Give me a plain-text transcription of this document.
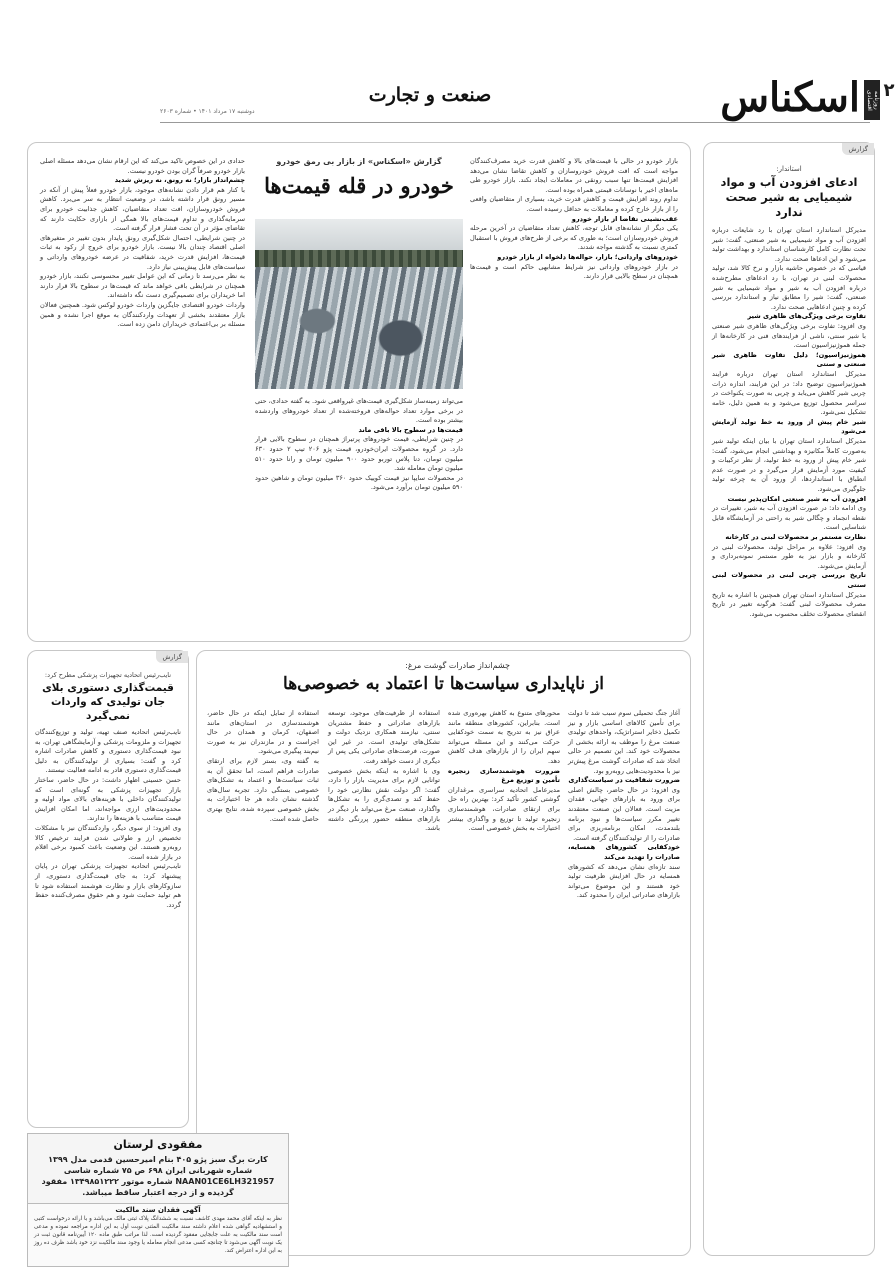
۲
روزنامه اقتصادی
اسکناس
صنعت و تجارت
دوشنبه ۱۷ مرداد ۱۴۰۱ • شماره ۲۶۰۳
گزارش
استاندار:
ادعای افزودن آب و مواد شیمیایی به شیر صحت ندارد

مدیرکل استاندارد استان تهران با رد شایعات درباره افزودن آب و مواد شیمیایی به شیر صنعتی، گفت: شیر تحت نظارت کامل کارشناسان استاندارد و بهداشت تولید می‌شود و این ادعاها صحت ندارد.

قیاسی که در خصوص حاشیه بازار و نرخ کالا شد، تولید محصولات لبنی در تهران، با رد ادعاهای مطرح‌شده درباره افزودن آب به شیر و مواد شیمیایی به شیر صنعتی، گفت: شیر را مطابق نیاز و استاندارد بررسی کرده و چنین ادعاهایی صحت ندارد.

تفاوت برخی ویژگی‌های ظاهری شیر

وی افزود: تفاوت برخی ویژگی‌های ظاهری شیر صنعتی با شیر سنتی، ناشی از فرایندهای فنی در کارخانه‌ها از جمله هموژنیزاسیون است.

هموژنیزاسیون؛ دلیل تفاوت ظاهری شیر صنعتی و سنتی

مدیرکل استاندارد استان تهران درباره فرایند هموژنیزاسیون توضیح داد: در این فرایند، اندازه ذرات چربی شیر کاهش می‌یابد و چربی به صورت یکنواخت در سراسر محصول توزیع می‌شود و به همین دلیل، خامه تشکیل نمی‌شود.

شیر خام پیش از ورود به خط تولید آزمایش می‌شود

مدیرکل استاندارد استان تهران با بیان اینکه تولید شیر به‌صورت کاملاً مکانیزه و بهداشتی انجام می‌شود، گفت: شیر خام پیش از ورود به خط تولید، از نظر ترکیبات و کیفیت مورد آزمایش قرار می‌گیرد و در صورت عدم انطباق با استانداردها، از ورود آن به چرخه تولید جلوگیری می‌شود.

افزودن آب به شیر صنعتی امکان‌پذیر نیست

وی ادامه داد: در صورت افزودن آب به شیر، تغییرات در نقطه انجماد و چگالی شیر به راحتی در آزمایشگاه قابل شناسایی است.

نظارت مستمر بر محصولات لبنی در کارخانه

وی افزود: علاوه بر مراحل تولید، محصولات لبنی در کارخانه و بازار نیز به طور مستمر نمونه‌برداری و آزمایش می‌شوند.

تاریخ بررسی چربی لبنی در محصولات لبنی سنتی

مدیرکل استاندارد استان تهران همچنین با اشاره به تاریخ مصرف محصولات لبنی گفت: هرگونه تغییر در تاریخ انقضای محصولات تخلف محسوب می‌شود.

بازار خودرو در حالی با قیمت‌های بالا و کاهش قدرت خرید مصرف‌کنندگان مواجه است که افت فروش خودروسازان و کاهش تقاضا نشان می‌دهد افزایش قیمت‌ها تنها سبب رونقی در معاملات ایجاد نکند. بازار خودرو طی ماه‌های اخیر با نوسانات قیمتی همراه بوده است.

تداوم روند افزایش قیمت و کاهش قدرت خرید، بسیاری از متقاضیان واقعی را از بازار خارج کرده و معاملات به حداقل رسیده است.

عقب‌نشینی تقاضا از بازار خودرو

یکی دیگر از نشانه‌های قابل توجه، کاهش تعداد متقاضیان در آخرین مرحله فروش خودروسازان است؛ به طوری که برخی از طرح‌های فروش با استقبال کمتری نسبت به گذشته مواجه شدند.

خودروهای وارداتی؛ بازار، حواله‌ها دلخواه از بازار خودرو

در بازار خودروهای وارداتی نیز شرایط مشابهی حاکم است و قیمت‌ها همچنان در سطح بالایی قرار دارند.

گزارش «اسکناس» از بازار بی رمق خودرو
خودرو در قله قیمت‌ها

می‌تواند زمینه‌ساز شکل‌گیری قیمت‌های غیرواقعی شود. به گفته حدادی، حتی در برخی موارد تعداد حواله‌های فروخته‌شده از تعداد خودروهای واردشده بیشتر بوده است.

قیمت‌ها در سطوح بالا باقی ماند

در چنین شرایطی، قیمت خودروهای پرتیراژ همچنان در سطوح بالایی قرار دارد. در گروه محصولات ایران‌خودرو، قیمت پژو ۲۰۶ تیپ ۲ حدود ۶۳۰ میلیون تومان، دنا پلاس توربو حدود ۹۰۰ میلیون تومان و رانا حدود ۵۱۰ میلیون تومان معامله شد.

در محصولات سایپا نیز قیمت کوییک حدود ۳۶۰ میلیون تومان و شاهین حدود ۵۹۰ میلیون تومان برآورد می‌شود.

حدادی در این خصوص تاکید می‌کند که این ارقام نشان می‌دهد مسئله اصلی بازار خودرو صرفاً گران بودن خودرو نیست.

چشم‌انداز بازار؛ نه رونق، نه ریزش شدید

با کنار هم قرار دادن نشانه‌های موجود، بازار خودرو فعلاً پیش از آنکه در مسیر رونق قرار داشته باشد، در وضعیت انتظار به سر می‌برد. کاهش فروش خودروسازان، افت تعداد متقاضیان، کاهش جذابیت خودرو برای سرمایه‌گذاری و تداوم قیمت‌های بالا همگی از بازاری حکایت دارند که تقاضای مؤثر در آن تحت فشار قرار گرفته است.

در چنین شرایطی، احتمال شکل‌گیری رونق پایدار بدون تغییر در متغیرهای اصلی اقتصاد چندان بالا نیست. بازار خودرو برای خروج از رکود به ثبات قیمت‌ها، افزایش قدرت خرید، شفافیت در عرضه خودروهای وارداتی و سیاست‌های قابل پیش‌بینی نیاز دارد.

به نظر می‌رسد تا زمانی که این عوامل تغییر محسوسی نکنند، بازار خودرو همچنان در شرایطی باقی خواهد ماند که قیمت‌ها در سطوح بالا قرار دارند اما خریداران برای تصمیم‌گیری دست نگه داشته‌اند.

واردات خودرو اقتصادی جایگزین واردات خودرو لوکس شود. همچنین فعالان بازار معتقدند بخشی از تعهدات واردکنندگان به موقع اجرا نشده و همین مسئله بر بی‌اعتمادی خریداران دامن زده است.

چشم‌انداز صادرات گوشت مرغ:
از ناپایداری سیاست‌ها تا اعتماد به خصوصی‌ها

آغاز جنگ تحمیلی سوم سبب شد تا دولت برای تأمین کالاهای اساسی بازار و نیز تکمیل ذخایر استراتژیک، واحدهای تولیدی صنعت مرغ را موظف به ارائه بخشی از محصولات خود کند. این تصمیم در حالی اتخاذ شد که صادرات گوشت مرغ پیش‌تر نیز با محدودیت‌هایی روبه‌رو بود.

ضرورت شفافیت در سیاست‌گذاری

وی افزود: در حال حاضر، چالش اصلی برای ورود به بازارهای جهانی، فقدان مزیت است. فعالان این صنعت معتقدند تغییر مکرر سیاست‌ها و نبود برنامه بلندمدت، امکان برنامه‌ریزی برای صادرات را از تولیدکنندگان گرفته است.

خودکفایی کشورهای همسایه، صادرات را تهدید می‌کند

سند تازه‌ای نشان می‌دهد که کشورهای همسایه در حال افزایش ظرفیت تولید خود هستند و این موضوع می‌تواند بازارهای صادراتی ایران را محدود کند.

محورهای متنوع به کاهش بهره‌وری شده است. بنابراین، کشورهای منطقه مانند عراق نیز به تدریج به سمت خودکفایی حرکت می‌کنند و این مسئله می‌تواند سهم ایران را از بازارهای هدف کاهش دهد.

ضرورت هوشمندسازی زنجیره تأمین و توزیع مرغ

مدیرعامل اتحادیه سراسری مرغداران گوشتی کشور تأکید کرد: بهترین راه حل برای ارتقای صادرات، هوشمندسازی زنجیره تولید تا توزیع و واگذاری بیشتر اختیارات به بخش خصوصی است.

استفاده از ظرفیت‌های موجود، توسعه بازارهای صادراتی و حفظ مشتریان سنتی، نیازمند همکاری نزدیک دولت و تشکل‌های تولیدی است. در غیر این صورت، فرصت‌های صادراتی یکی پس از دیگری از دست خواهد رفت.

وی با اشاره به اینکه بخش خصوصی توانایی لازم برای مدیریت بازار را دارد، گفت: اگر دولت نقش نظارتی خود را حفظ کند و تصدی‌گری را به تشکل‌ها واگذارد، صنعت مرغ می‌تواند بار دیگر در بازارهای منطقه حضور پررنگی داشته باشد.

استفاده از تمایل اینکه در حال حاضر، هوشمندسازی در استان‌های مانند اصفهان، کرمان و همدان در حال اجراست و در مازندران نیز به صورت نیم‌بند پیگیری می‌شود.

به گفته وی، بستر لازم برای ارتقای صادرات فراهم است، اما تحقق آن به ثبات سیاست‌ها و اعتماد به تشکل‌های خصوصی بستگی دارد. تجربه سال‌های گذشته نشان داده هر جا اختیارات به بخش خصوصی سپرده شده، نتایج بهتری حاصل شده است.

گزارش
نایب‌رئیس اتحادیه تجهیزات پزشکی مطرح کرد:
قیمت‌گذاری دستوری بلای جان تولیدی که واردات نمی‌گیرد

نایب‌رئیس اتحادیه صنف تهیه، تولید و توزیع‌کنندگان تجهیزات و ملزومات پزشکی و آزمایشگاهی تهران، به نبود قیمت‌گذاری دستوری و کاهش صادرات اشاره کرد و گفت: بسیاری از تولیدکنندگان به دلیل قیمت‌گذاری دستوری قادر به ادامه فعالیت نیستند.

حسن حسینی اظهار داشت: در حال حاضر، ساختار بازار تجهیزات پزشکی به گونه‌ای است که تولیدکنندگان داخلی با هزینه‌های بالای مواد اولیه و محدودیت‌های ارزی مواجه‌اند، اما امکان افزایش قیمت متناسب با هزینه‌ها را ندارند.

وی افزود: از سوی دیگر، واردکنندگان نیز با مشکلات تخصیص ارز و طولانی شدن فرایند ترخیص کالا روبه‌رو هستند. این وضعیت باعث کمبود برخی اقلام در بازار شده است.

نایب‌رئیس اتحادیه تجهیزات پزشکی تهران در پایان پیشنهاد کرد: به جای قیمت‌گذاری دستوری، از سازوکارهای بازار و نظارت هوشمند استفاده شود تا هم تولید حمایت شود و هم حقوق مصرف‌کننده حفظ گردد.

مفقودی لرستان
کارت برگ سبز پژو ۴۰۵ بنام امیرحسین قدمی مدل ۱۳۹۹ شماره شهربانی ایران ۶۹۸ ص ۷۵ شماره شاسی NAAN01CE6LH321957 شماره موتور ۱۳۴۹۸۵۱۲۲۲ مفقود گردیده و از درجه اعتبار ساقط میباشد.
آگهی فقدان سند مالکیت
نظر به اینکه آقای محمد مهدی کاشف نسبت به ششدانگ پلاک ثبتی مالک می‌باشد و با ارائه درخواست کتبی و استشهادیه گواهی شده اعلام داشته سند مالکیت المثنی نوبت اول به این اداره مراجعه نموده و مدعی است سند مالکیت به علت جابجایی مفقود گردیده است. لذا مراتب طبق ماده ۱۲۰ آیین‌نامه قانون ثبت در یک نوبت آگهی می‌شود تا چنانچه کسی مدعی انجام معامله یا وجود سند مالکیت نزد خود باشد ظرف ده روز به این اداره اعتراض کند.
